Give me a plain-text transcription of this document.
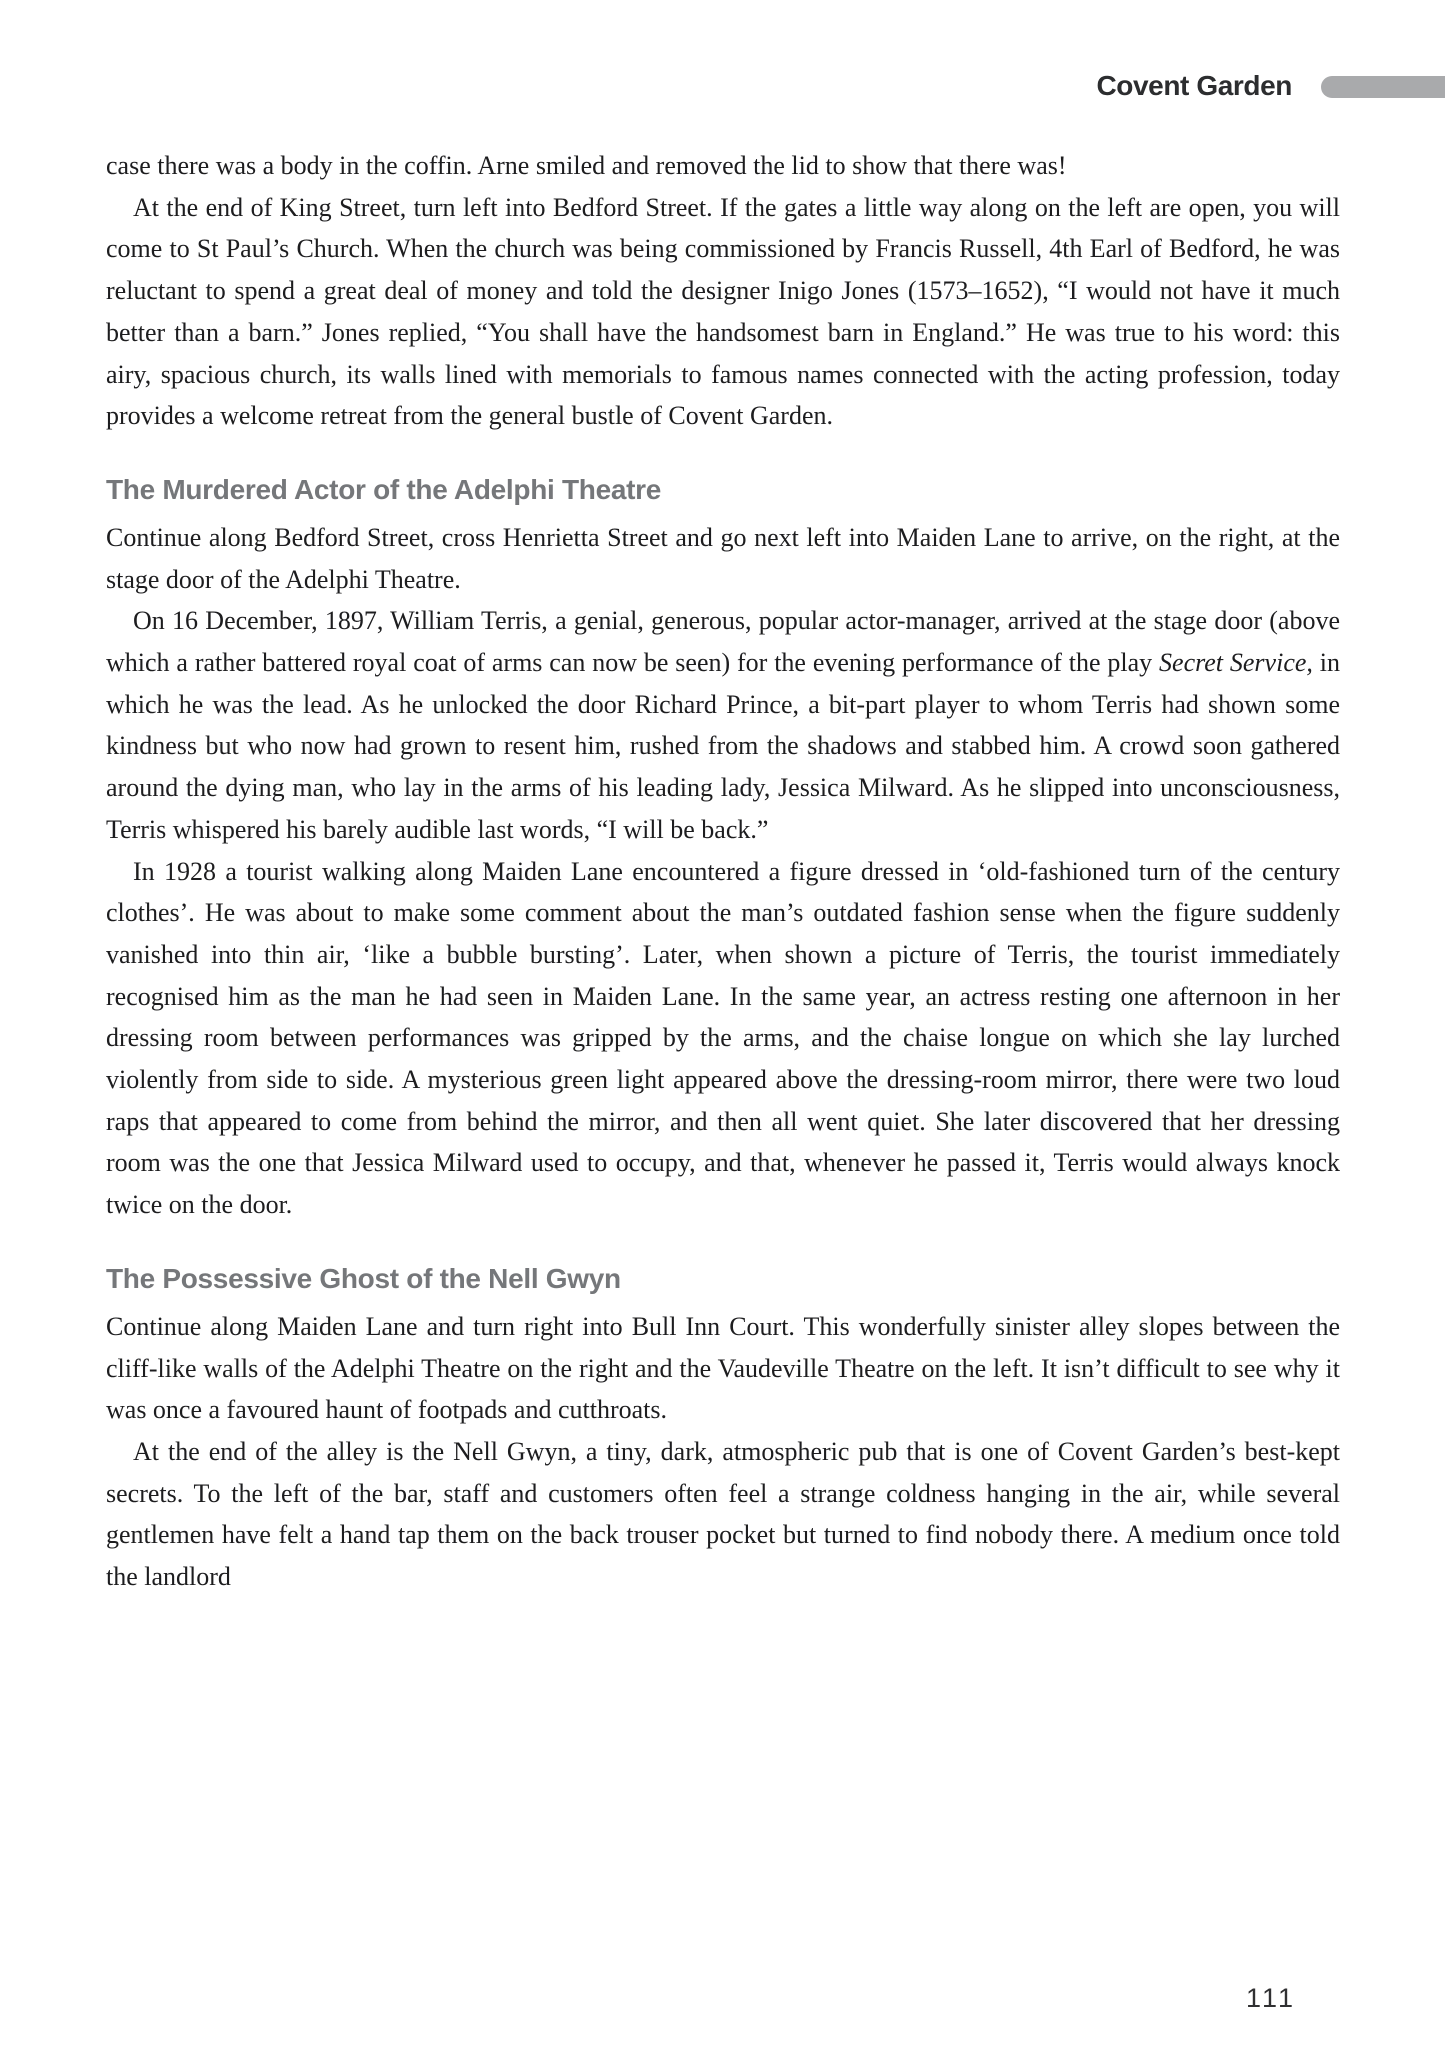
Covent Garden

case there was a body in the coffin. Arne smiled and removed the lid to show that there was!

At the end of King Street, turn left into Bedford Street. If the gates a little way along on the left are open, you will come to St Paul’s Church. When the church was being commissioned by Francis Russell, 4th Earl of Bedford, he was reluctant to spend a great deal of money and told the designer Inigo Jones (1573–1652), “I would not have it much better than a barn.” Jones replied, “You shall have the handsomest barn in England.” He was true to his word: this airy, spacious church, its walls lined with memorials to famous names connected with the acting profession, today provides a welcome retreat from the general bustle of Covent Garden.

The Murdered Actor of the Adelphi Theatre

Continue along Bedford Street, cross Henrietta Street and go next left into Maiden Lane to arrive, on the right, at the stage door of the Adelphi Theatre.

On 16 December, 1897, William Terris, a genial, generous, popular actor-manager, arrived at the stage door (above which a rather battered royal coat of arms can now be seen) for the evening performance of the play Secret Service, in which he was the lead. As he unlocked the door Richard Prince, a bit-part player to whom Terris had shown some kindness but who now had grown to resent him, rushed from the shadows and stabbed him. A crowd soon gathered around the dying man, who lay in the arms of his leading lady, Jessica Milward. As he slipped into unconsciousness, Terris whispered his barely audible last words, “I will be back.”

In 1928 a tourist walking along Maiden Lane encountered a figure dressed in ‘old-fashioned turn of the century clothes’. He was about to make some comment about the man’s outdated fashion sense when the figure suddenly vanished into thin air, ‘like a bubble bursting’. Later, when shown a picture of Terris, the tourist immediately recognised him as the man he had seen in Maiden Lane. In the same year, an actress resting one afternoon in her dressing room between performances was gripped by the arms, and the chaise longue on which she lay lurched violently from side to side. A mysterious green light appeared above the dressing-room mirror, there were two loud raps that appeared to come from behind the mirror, and then all went quiet. She later discovered that her dressing room was the one that Jessica Milward used to occupy, and that, whenever he passed it, Terris would always knock twice on the door.

The Possessive Ghost of the Nell Gwyn

Continue along Maiden Lane and turn right into Bull Inn Court. This wonderfully sinister alley slopes between the cliff-like walls of the Adelphi Theatre on the right and the Vaudeville Theatre on the left. It isn’t difficult to see why it was once a favoured haunt of footpads and cutthroats.

At the end of the alley is the Nell Gwyn, a tiny, dark, atmospheric pub that is one of Covent Garden’s best-kept secrets. To the left of the bar, staff and customers often feel a strange coldness hanging in the air, while several gentlemen have felt a hand tap them on the back trouser pocket but turned to find nobody there. A medium once told the landlord

111
